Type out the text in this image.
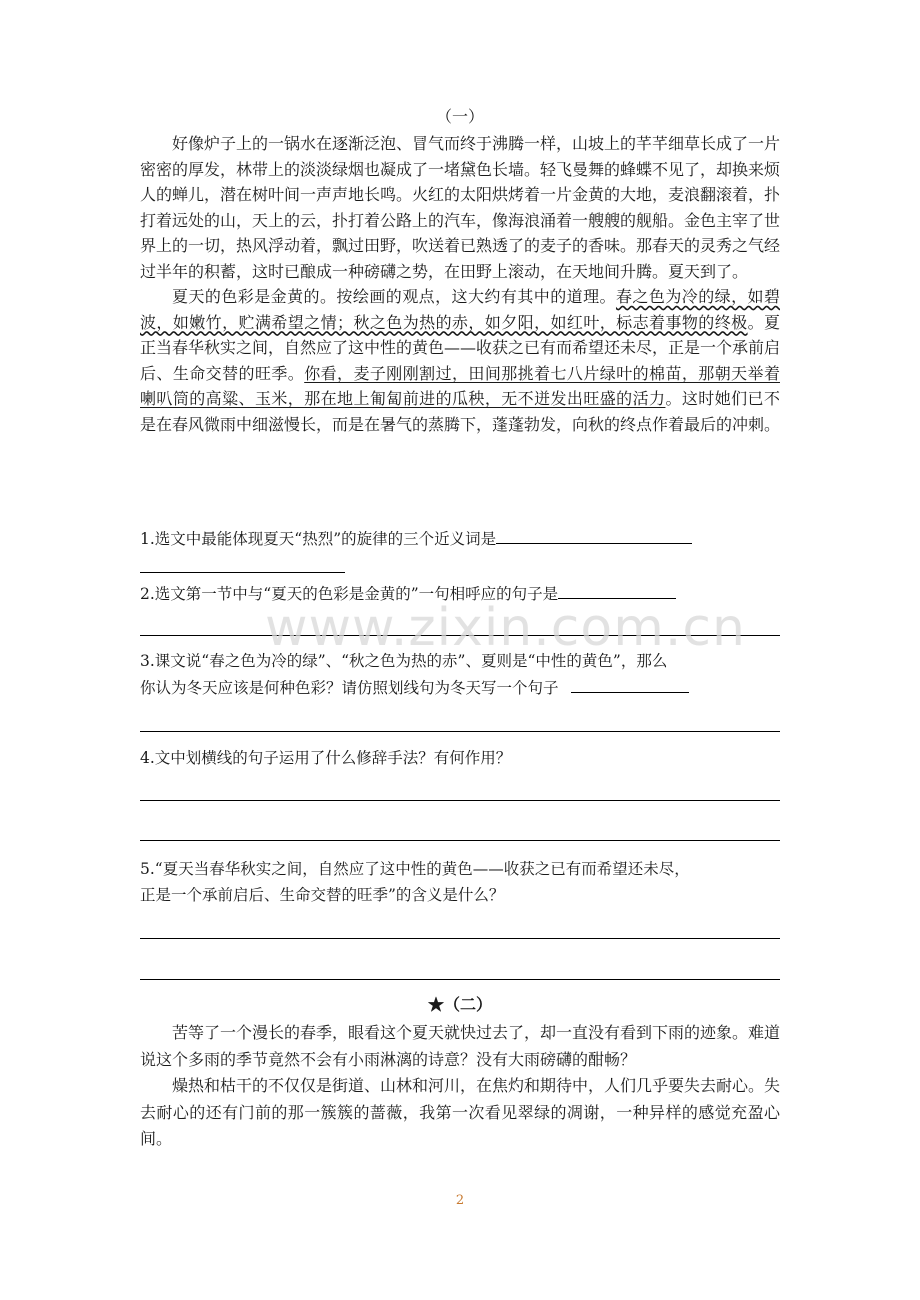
（一）

好像炉子上的一锅水在逐渐泛泡、冒气而终于沸腾一样，山坡上的芊芊细草长成了一片密密的厚发，林带上的淡淡绿烟也凝成了一堵黛色长墙。轻飞曼舞的蜂蝶不见了，却换来烦人的蝉儿，潜在树叶间一声声地长鸣。火红的太阳烘烤着一片金黄的大地，麦浪翻滚着，扑打着远处的山，天上的云，扑打着公路上的汽车，像海浪涌着一艘艘的舰船。金色主宰了世界上的一切，热风浮动着，飘过田野，吹送着已熟透了的麦子的香味。那春天的灵秀之气经过半年的积蓄，这时已酿成一种磅礴之势，在田野上滚动，在天地间升腾。夏天到了。

夏天的色彩是金黄的。按绘画的观点，这大约有其中的道理。春之色为冷的绿，如碧波，如嫩竹，贮满希望之情；秋之色为热的赤，如夕阳，如红叶，标志着事物的终极。夏正当春华秋实之间，自然应了这中性的黄色——收获之已有而希望还未尽，正是一个承前启后、生命交替的旺季。你看，麦子刚刚割过，田间那挑着七八片绿叶的棉苗，那朝天举着喇叭筒的高粱、玉米，那在地上匍匐前进的瓜秧，无不迸发出旺盛的活力。这时她们已不是在春风微雨中细滋慢长，而是在暑气的蒸腾下，蓬蓬勃发，向秋的终点作着最后的冲刺。

1.选文中最能体现夏天“热烈”的旋律的三个近义词是
2.选文第一节中与“夏天的色彩是金黄的”一句相呼应的句子是
3.课文说“春之色为冷的绿”、“秋之色为热的赤”、夏则是“中性的黄色”，那么
你认为冬天应该是何种色彩？请仿照划线句为冬天写一个句子
4.文中划横线的句子运用了什么修辞手法？有何作用？
5.“夏天当春华秋实之间，自然应了这中性的黄色——收获之已有而希望还未尽，
正是一个承前启后、生命交替的旺季”的含义是什么？
★（二）

苦等了一个漫长的春季，眼看这个夏天就快过去了，却一直没有看到下雨的迹象。难道说这个多雨的季节竟然不会有小雨淋漓的诗意？没有大雨磅礴的酣畅？

燥热和枯干的不仅仅是街道、山林和河川，在焦灼和期待中，人们几乎要失去耐心。失去耐心的还有门前的那一簇簇的蔷薇，我第一次看见翠绿的凋谢，一种异样的感觉充盈心间。

www.zixin.com.cn
2
